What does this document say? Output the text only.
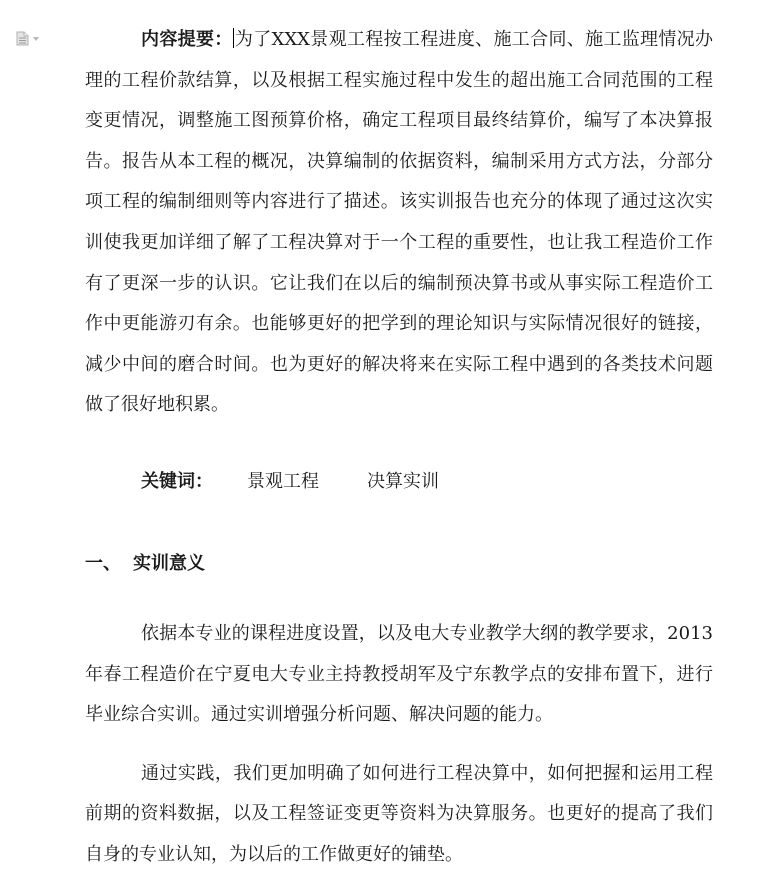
内容提要： 为了XXX景观工程按工程进度、施工合同、施工监理情况办理的工程价款结算，以及根据工程实施过程中发生的超出施工合同范围的工程变更情况，调整施工图预算价格，确定工程项目最终结算价，编写了本决算报告。报告从本工程的概况，决算编制的依据资料，编制采用方式方法，分部分项工程的编制细则等内容进行了描述。该实训报告也充分的体现了通过这次实训使我更加详细了解了工程决算对于一个工程的重要性，也让我工程造价工作有了更深一步的认识。它让我们在以后的编制预决算书或从事实际工程造价工作中更能游刃有余。也能够更好的把学到的理论知识与实际情况很好的链接，减少中间的磨合时间。也为更好的解决将来在实际工程中遇到的各类技术问题做了很好地积累。

关键词： 景观工程	决算实训
一、 实训意义

依据本专业的课程进度设置，以及电大专业教学大纲的教学要求，2013年春工程造价在宁夏电大专业主持教授胡军及宁东教学点的安排布置下，进行毕业综合实训。通过实训增强分析问题、解决问题的能力。

通过实践，我们更加明确了如何进行工程决算中，如何把握和运用工程前期的资料数据，以及工程签证变更等资料为决算服务。也更好的提高了我们自身的专业认知，为以后的工作做更好的铺垫。
